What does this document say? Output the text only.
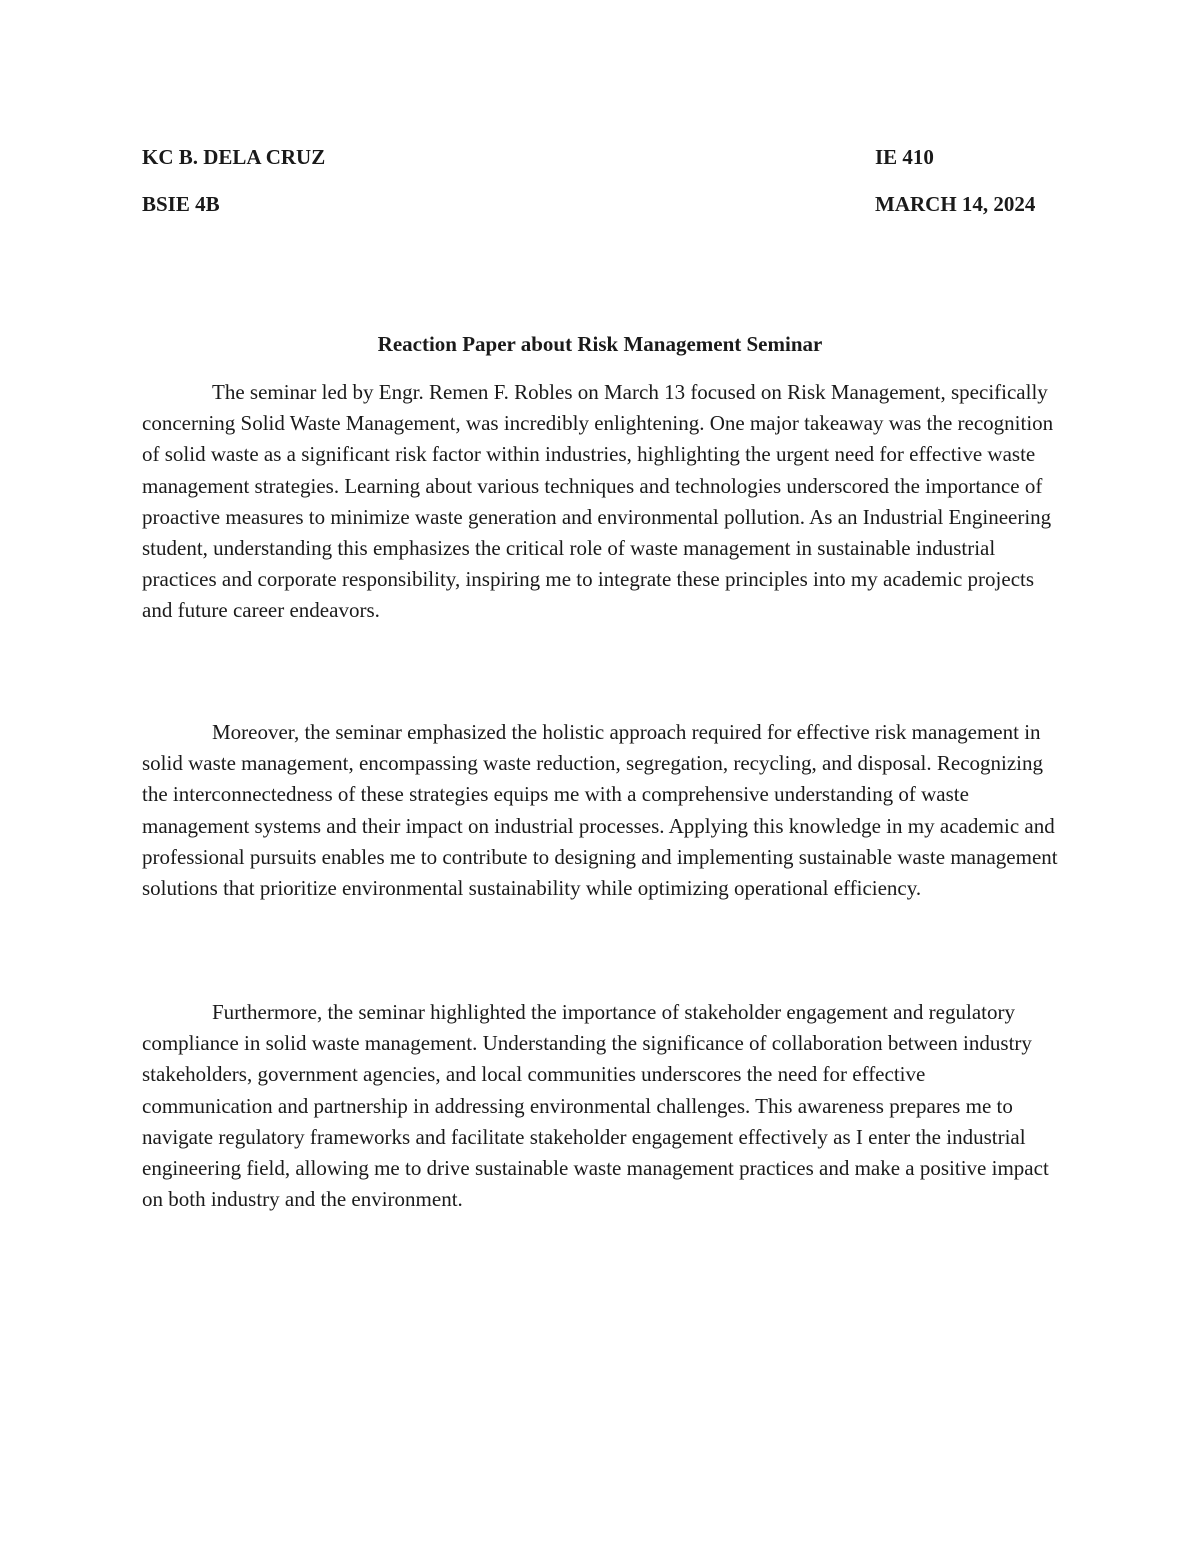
KC B. DELA CRUZ	IE 410
BSIE 4B	MARCH 14, 2024
Reaction Paper about Risk Management Seminar

The seminar led by Engr. Remen F. Robles on March 13 focused on Risk Management, specifically concerning Solid Waste Management, was incredibly enlightening. One major takeaway was the recognition of solid waste as a significant risk factor within industries, highlighting the urgent need for effective waste management strategies. Learning about various techniques and technologies underscored the importance of proactive measures to minimize waste generation and environmental pollution. As an Industrial Engineering student, understanding this emphasizes the critical role of waste management in sustainable industrial practices and corporate responsibility, inspiring me to integrate these principles into my academic projects and future career endeavors.

Moreover, the seminar emphasized the holistic approach required for effective risk management in solid waste management, encompassing waste reduction, segregation, recycling, and disposal. Recognizing the interconnectedness of these strategies equips me with a comprehensive understanding of waste management systems and their impact on industrial processes. Applying this knowledge in my academic and professional pursuits enables me to contribute to designing and implementing sustainable waste management solutions that prioritize environmental sustainability while optimizing operational efficiency.

Furthermore, the seminar highlighted the importance of stakeholder engagement and regulatory compliance in solid waste management. Understanding the significance of collaboration between industry stakeholders, government agencies, and local communities underscores the need for effective communication and partnership in addressing environmental challenges. This awareness prepares me to navigate regulatory frameworks and facilitate stakeholder engagement effectively as I enter the industrial engineering field, allowing me to drive sustainable waste management practices and make a positive impact on both industry and the environment.
